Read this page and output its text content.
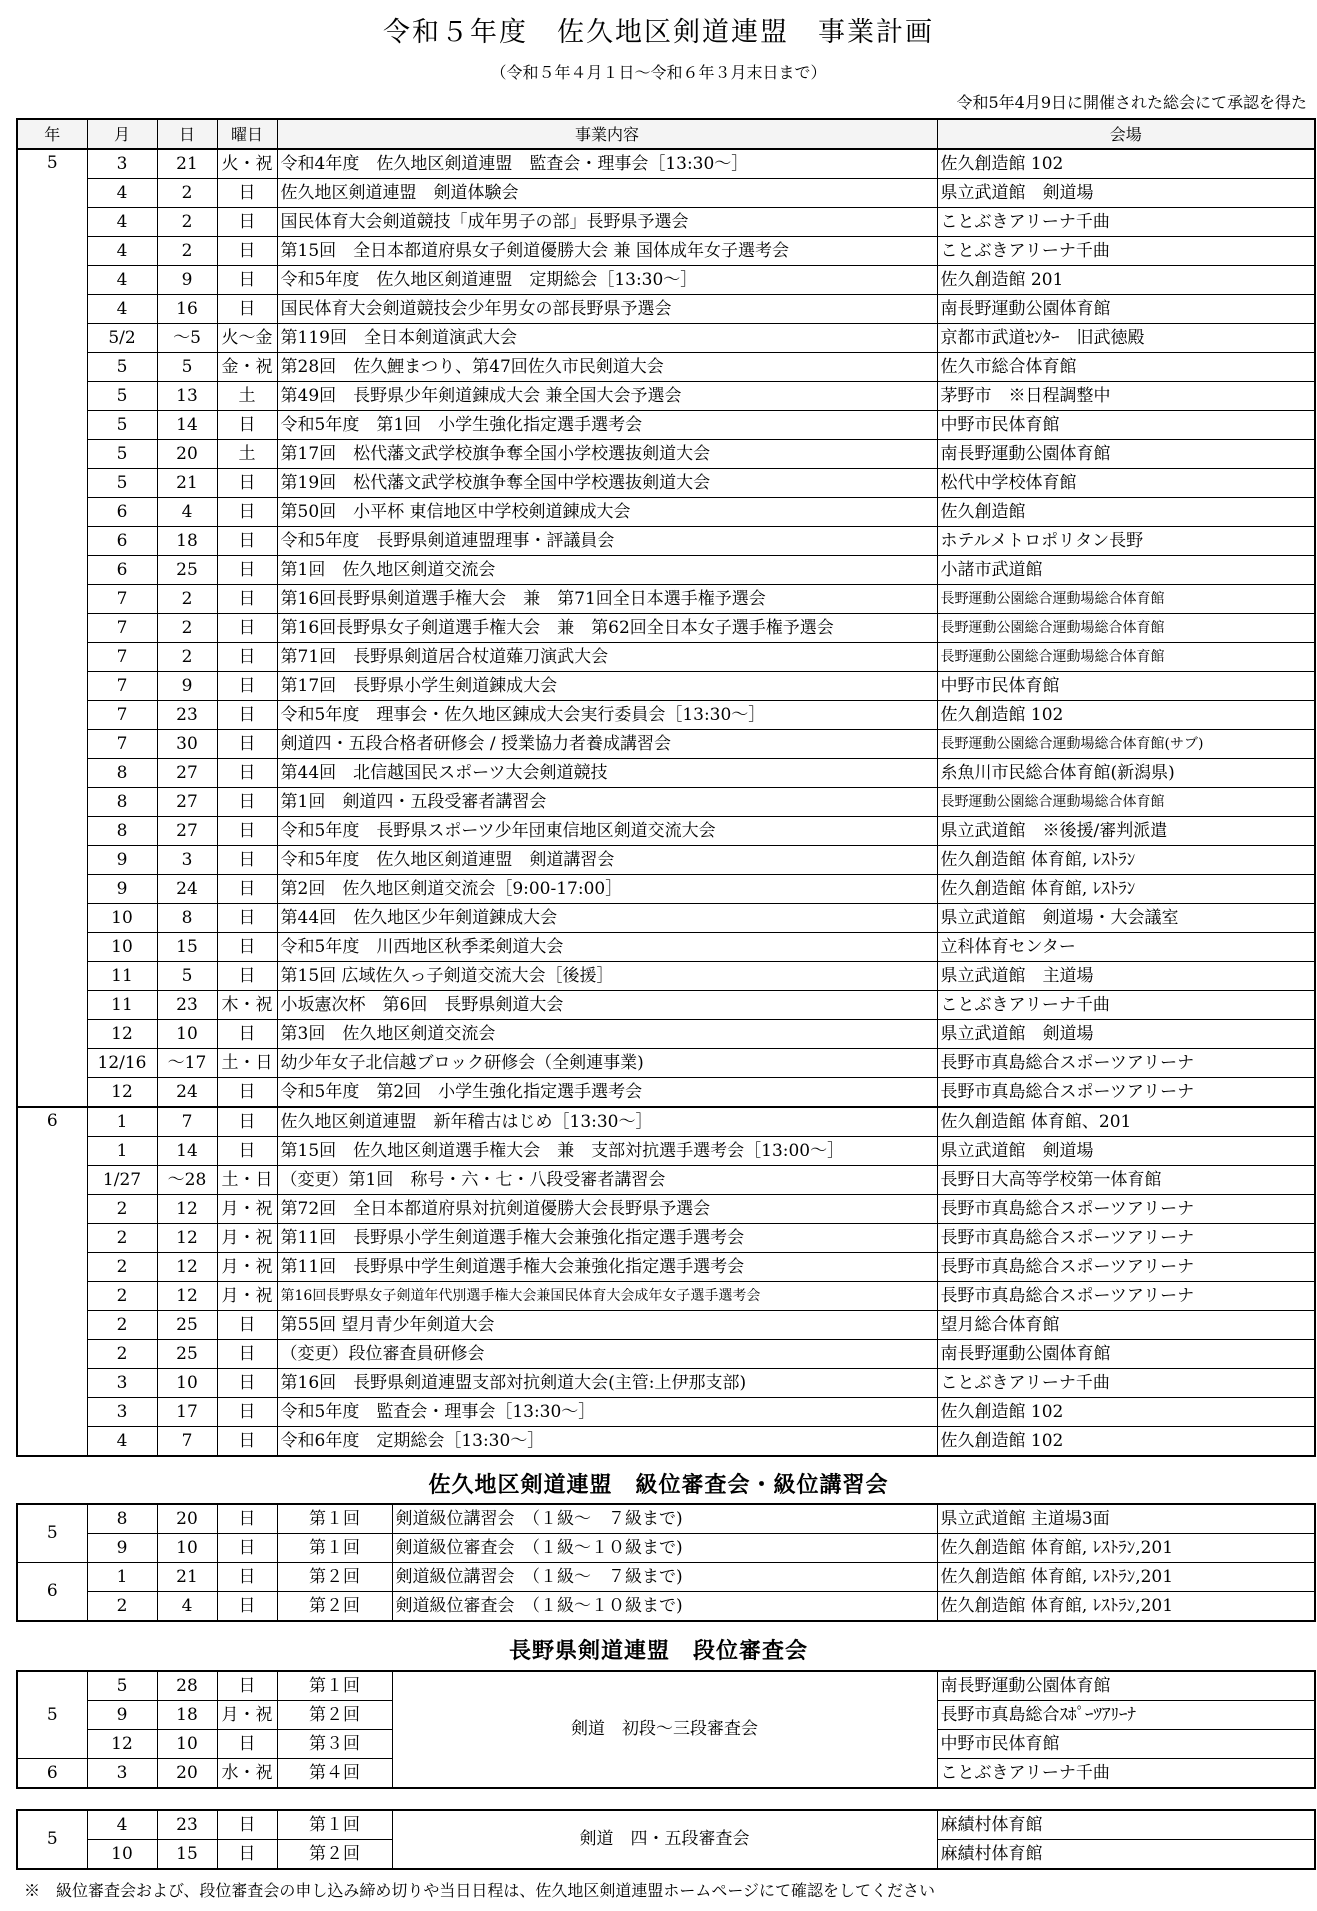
令和５年度　佐久地区剣道連盟　事業計画
（令和５年４月１日～令和６年３月末日まで）
令和5年4月9日に開催された総会にて承認を得た
年	月	日	曜日	事業内容	会場
5	3	21	火・祝	令和4年度　佐久地区剣道連盟　監査会・理事会［13:30～］	佐久創造館 102
	4	2	日	佐久地区剣道連盟　剣道体験会	県立武道館　剣道場
	4	2	日	国民体育大会剣道競技「成年男子の部」長野県予選会	ことぶきアリーナ千曲
	4	2	日	第15回　全日本都道府県女子剣道優勝大会 兼 国体成年女子選考会	ことぶきアリーナ千曲
	4	9	日	令和5年度　佐久地区剣道連盟　定期総会［13:30～］	佐久創造館 201
	4	16	日	国民体育大会剣道競技会少年男女の部長野県予選会	南長野運動公園体育館
	5/2	～5	火～金	第119回　全日本剣道演武大会	京都市武道ｾﾝﾀｰ　旧武徳殿
	5	5	金・祝	第28回　佐久鯉まつり、第47回佐久市民剣道大会	佐久市総合体育館
	5	13	土	第49回　長野県少年剣道錬成大会 兼全国大会予選会	茅野市　※日程調整中
	5	14	日	令和5年度　第1回　小学生強化指定選手選考会	中野市民体育館
	5	20	土	第17回　松代藩文武学校旗争奪全国小学校選抜剣道大会	南長野運動公園体育館
	5	21	日	第19回　松代藩文武学校旗争奪全国中学校選抜剣道大会	松代中学校体育館
	6	4	日	第50回　小平杯 東信地区中学校剣道錬成大会	佐久創造館
	6	18	日	令和5年度　長野県剣道連盟理事・評議員会	ホテルメトロポリタン長野
	6	25	日	第1回　佐久地区剣道交流会	小諸市武道館
	7	2	日	第16回長野県剣道選手権大会　兼　第71回全日本選手権予選会	長野運動公園総合運動場総合体育館
	7	2	日	第16回長野県女子剣道選手権大会　兼　第62回全日本女子選手権予選会	長野運動公園総合運動場総合体育館
	7	2	日	第71回　長野県剣道居合杖道薙刀演武大会	長野運動公園総合運動場総合体育館
	7	9	日	第17回　長野県小学生剣道錬成大会	中野市民体育館
	7	23	日	令和5年度　理事会・佐久地区錬成大会実行委員会［13:30～］	佐久創造館 102
	7	30	日	剣道四・五段合格者研修会 / 授業協力者養成講習会	長野運動公園総合運動場総合体育館(サブ)
	8	27	日	第44回　北信越国民スポーツ大会剣道競技	糸魚川市民総合体育館(新潟県)
	8	27	日	第1回　剣道四・五段受審者講習会	長野運動公園総合運動場総合体育館
	8	27	日	令和5年度　長野県スポーツ少年団東信地区剣道交流大会	県立武道館　※後援/審判派遣
	9	3	日	令和5年度　佐久地区剣道連盟　剣道講習会	佐久創造館 体育館, ﾚｽﾄﾗﾝ
	9	24	日	第2回　佐久地区剣道交流会［9:00-17:00］	佐久創造館 体育館, ﾚｽﾄﾗﾝ
	10	8	日	第44回　佐久地区少年剣道錬成大会	県立武道館　剣道場・大会議室
	10	15	日	令和5年度　川西地区秋季柔剣道大会	立科体育センター
	11	5	日	第15回 広域佐久っ子剣道交流大会［後援］	県立武道館　主道場
	11	23	木・祝	小坂憲次杯　第6回　長野県剣道大会	ことぶきアリーナ千曲
	12	10	日	第3回　佐久地区剣道交流会	県立武道館　剣道場
	12/16	～17	土・日	幼少年女子北信越ブロック研修会（全剣連事業)	長野市真島総合スポーツアリーナ
	12	24	日	令和5年度　第2回　小学生強化指定選手選考会	長野市真島総合スポーツアリーナ
6	1	7	日	佐久地区剣道連盟　新年稽古はじめ［13:30～］	佐久創造館 体育館、201
	1	14	日	第15回　佐久地区剣道選手権大会　兼　支部対抗選手選考会［13:00～］	県立武道館　剣道場
	1/27	～28	土・日	（変更）第1回　称号・六・七・八段受審者講習会	長野日大高等学校第一体育館
	2	12	月・祝	第72回　全日本都道府県対抗剣道優勝大会長野県予選会	長野市真島総合スポーツアリーナ
	2	12	月・祝	第11回　長野県小学生剣道選手権大会兼強化指定選手選考会	長野市真島総合スポーツアリーナ
	2	12	月・祝	第11回　長野県中学生剣道選手権大会兼強化指定選手選考会	長野市真島総合スポーツアリーナ
	2	12	月・祝	第16回長野県女子剣道年代別選手権大会兼国民体育大会成年女子選手選考会	長野市真島総合スポーツアリーナ
	2	25	日	第55回 望月青少年剣道大会	望月総合体育館
	2	25	日	（変更）段位審査員研修会	南長野運動公園体育館
	3	10	日	第16回　長野県剣道連盟支部対抗剣道大会(主管:上伊那支部)	ことぶきアリーナ千曲
	3	17	日	令和5年度　監査会・理事会［13:30～］	佐久創造館 102
	4	7	日	令和6年度　定期総会［13:30～］	佐久創造館 102
佐久地区剣道連盟　級位審査会・級位講習会
5	8	20	日	第１回	剣道級位講習会　（１級～　７級まで)	県立武道館 主道場3面
	9	10	日	第１回	剣道級位審査会　（１級～１０級まで)	佐久創造館 体育館, ﾚｽﾄﾗﾝ,201
6	1	21	日	第２回	剣道級位講習会　（１級～　７級まで)	佐久創造館 体育館, ﾚｽﾄﾗﾝ,201
	2	4	日	第２回	剣道級位審査会　（１級～１０級まで)	佐久創造館 体育館, ﾚｽﾄﾗﾝ,201
長野県剣道連盟　段位審査会
5	5	28	日	第１回	剣道　初段～三段審査会	南長野運動公園体育館
	9	18	月・祝	第２回		長野市真島総合ｽﾎﾟｰﾂｱﾘｰﾅ
	12	10	日	第３回		中野市民体育館
6	3	20	水・祝	第４回		ことぶきアリーナ千曲
5	4	23	日	第１回	剣道　四・五段審査会	麻績村体育館
	10	15	日	第２回		麻績村体育館
※　級位審査会および、段位審査会の申し込み締め切りや当日日程は、佐久地区剣道連盟ホームページにて確認をしてください
